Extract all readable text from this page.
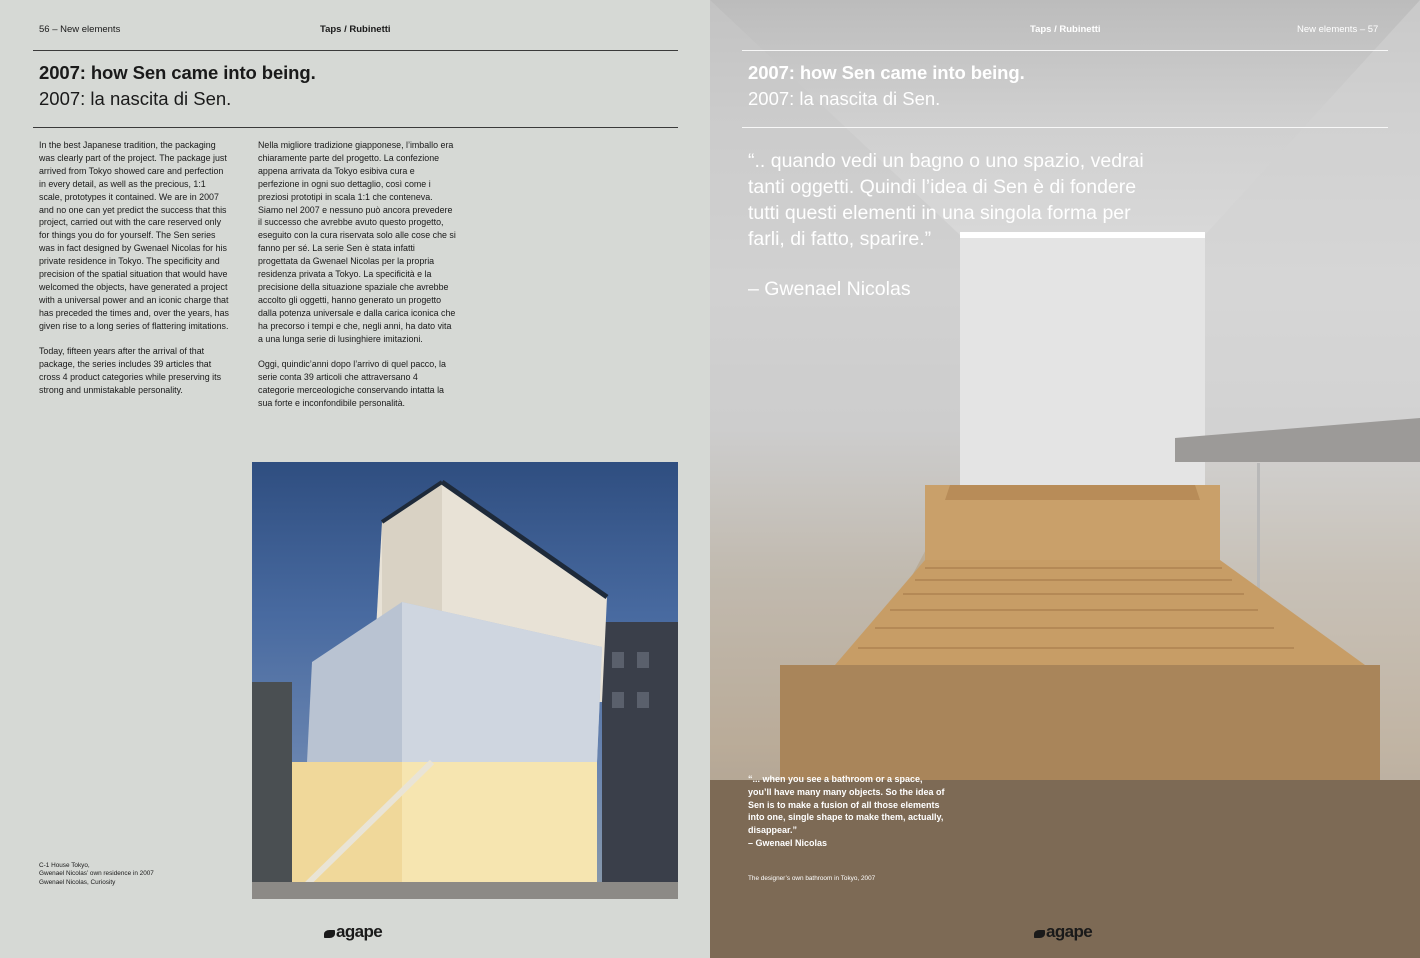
56 – New elements	Taps / Rubinetti
2007: how Sen came into being.
2007: la nascita di Sen.

In the best Japanese tradition, the packaging was clearly part of the project. The package just arrived from Tokyo showed care and perfection in every detail, as well as the precious, 1:1 scale, prototypes it contained. We are in 2007 and no one can yet predict the success that this project, carried out with the care reserved only for things you do for yourself. The Sen series was in fact designed by Gwenael Nicolas for his private residence in Tokyo. The specificity and precision of the spatial situation that would have welcomed the objects, have generated a project with a universal power and an iconic charge that has preceded the times and, over the years, has given rise to a long series of flattering imitations.

Today, fifteen years after the arrival of that package, the series includes 39 articles that cross 4 product categories while preserving its strong and unmistakable personality.

Nella migliore tradizione giapponese, l’imballo era chiaramente parte del progetto. La confezione appena arrivata da Tokyo esibiva cura e perfezione in ogni suo dettaglio, così come i preziosi prototipi in scala 1:1 che conteneva. Siamo nel 2007 e nessuno può ancora prevedere il successo che avrebbe avuto questo progetto, eseguito con la cura riservata solo alle cose che si fanno per sé. La serie Sen è stata infatti progettata da Gwenael Nicolas per la propria residenza privata a Tokyo. La specificità e la precisione della situazione spaziale che avrebbe accolto gli oggetti, hanno generato un progetto dalla potenza universale e dalla carica iconica che ha precorso i tempi e che, negli anni, ha dato vita a una lunga serie di lusinghiere imitazioni.

Oggi, quindic’anni dopo l’arrivo di quel pacco, la serie conta 39 articoli che attraversano 4 categorie merceologiche conservando intatta la sua forte e inconfondibile personalità.

C-1 House Tokyo,
Gwenael Nicolas’ own residence in 2007
Gwenael Nicolas, Curiosity
agape
Taps / Rubinetti	New elements – 57
2007: how Sen came into being.
2007: la nascita di Sen.
“.. quando vedi un bagno o uno spazio, vedrai tanti oggetti. Quindi l’idea di Sen è di fondere tutti questi elementi in una singola forma per farli, di fatto, sparire.”
– Gwenael Nicolas
“... when you see a bathroom or a space, you’ll have many many objects. So the idea of Sen is to make a fusion of all those elements into one, single shape to make them, actually, disappear.”
– Gwenael Nicolas
The designer’s own bathroom in Tokyo, 2007
agape
